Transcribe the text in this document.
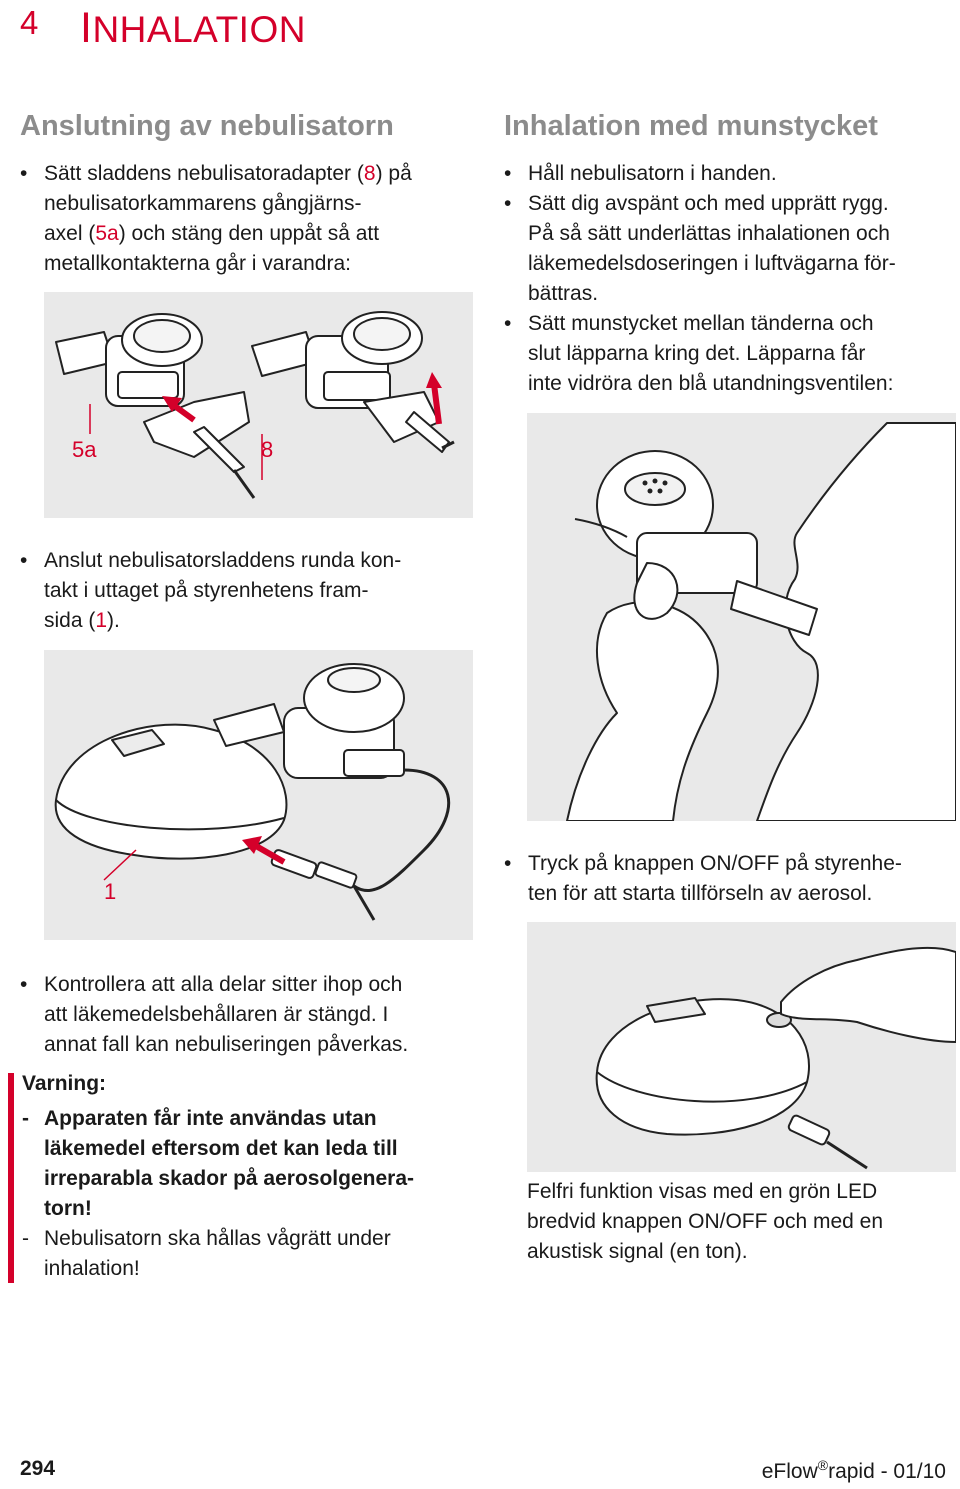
4 INHALATION
Anslutning av nebulisatorn
• Sätt sladdens nebulisatoradapter (8) på
nebulisatorkammarens gångjärns-
axel (5a) och stäng den uppåt så att
metallkontakterna går i varandra:
5a	8
• Anslut nebulisatorsladdens runda kon-
takt i uttaget på styrenhetens fram-
sida (1).
1
• Kontrollera att alla delar sitter ihop och
att läkemedelsbehållaren är stängd. I
annat fall kan nebuliseringen påverkas.
Varning:
- Apparaten får inte användas utan
läkemedel eftersom det kan leda till
irreparabla skador på aerosolgenera-
torn!
- Nebulisatorn ska hållas vågrätt under
inhalation!
Inhalation med munstycket
• Håll nebulisatorn i handen.
• Sätt dig avspänt och med upprätt rygg.
På så sätt underlättas inhalationen och
läkemedelsdoseringen i luftvägarna för-
bättras.
• Sätt munstycket mellan tänderna och
slut läpparna kring det. Läpparna får
inte vidröra den blå utandningsventilen:
• Tryck på knappen ON/OFF på styrenhe-
ten för att starta tillförseln av aerosol.
Felfri funktion visas med en grön LED
bredvid knappen ON/OFF och med en
akustisk signal (en ton).
294	eFlow®rapid - 01/10
